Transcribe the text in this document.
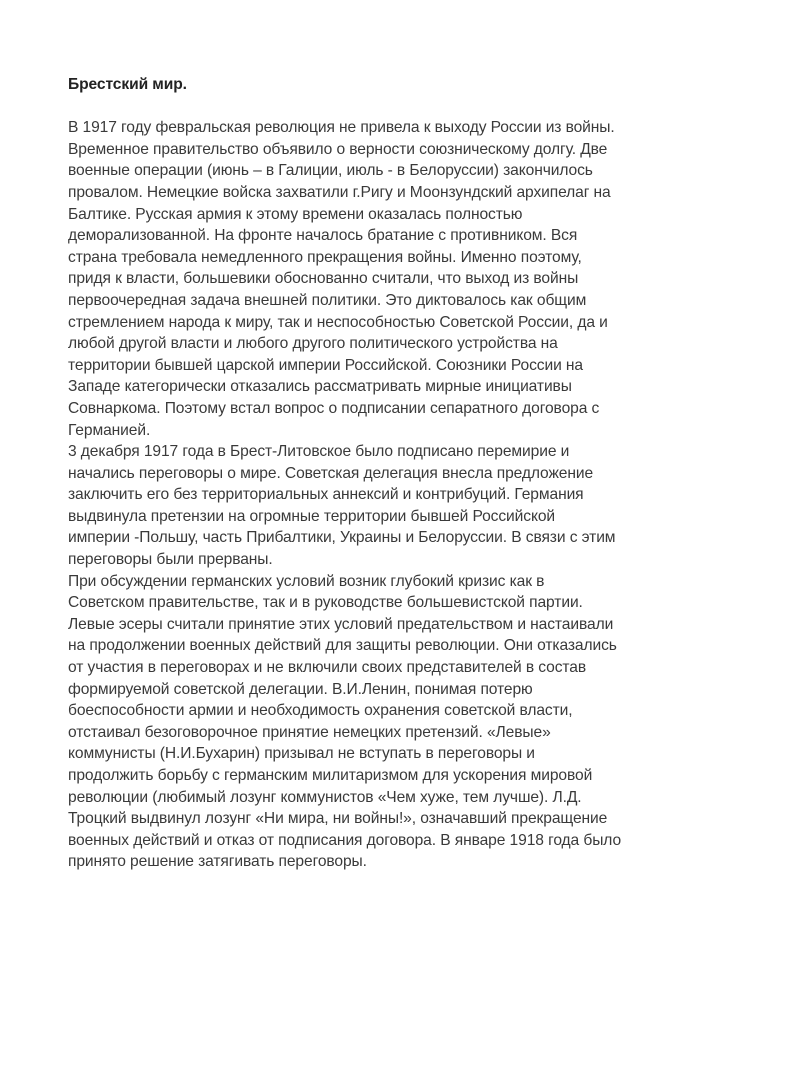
Брестский мир.

В 1917 году февральская революция не привела к выходу России из войны.
Временное правительство объявило о верности союзническому долгу. Две
военные операции (июнь – в Галиции, июль - в Белоруссии) закончилось
провалом. Немецкие войска захватили г.Ригу и Моонзундский архипелаг на
Балтике. Русская армия к этому времени оказалась полностью
деморализованной. На фронте началось братание с противником. Вся
страна требовала немедленного прекращения войны. Именно поэтому,
придя к власти, большевики обоснованно считали, что выход из войны
первоочередная задача внешней политики. Это диктовалось как общим
стремлением народа к миру, так и неспособностью Советской России, да и
любой другой власти и любого другого политического устройства на
территории бывшей царской империи Российской. Союзники России на
Западе категорически отказались рассматривать мирные инициативы
Совнаркома. Поэтому встал вопрос о подписании сепаратного договора с
Германией.

3 декабря 1917 года в Брест-Литовское было подписано перемирие и
начались переговоры о мире. Советская делегация внесла предложение
заключить его без территориальных аннексий и контрибуций. Германия
выдвинула претензии на огромные территории бывшей Российской
империи -Польшу, часть Прибалтики, Украины и Белоруссии. В связи с этим
переговоры были прерваны.

При обсуждении германских условий возник глубокий кризис как в
Советском правительстве, так и в руководстве большевистской партии.
Левые эсеры считали принятие этих условий предательством и настаивали
на продолжении военных действий для защиты революции. Они отказались
от участия в переговорах и не включили своих представителей в состав
формируемой советской делегации. В.И.Ленин, понимая потерю
боеспособности армии и необходимость охранения советской власти,
отстаивал безоговорочное принятие немецких претензий. «Левые»
коммунисты (Н.И.Бухарин) призывал не вступать в переговоры и
продолжить борьбу с германским милитаризмом для ускорения мировой
революции (любимый лозунг коммунистов «Чем хуже, тем лучше). Л.Д.
Троцкий выдвинул лозунг «Ни мира, ни войны!», означавший прекращение
военных действий и отказ от подписания договора. В январе 1918 года было
принято решение затягивать переговоры.
